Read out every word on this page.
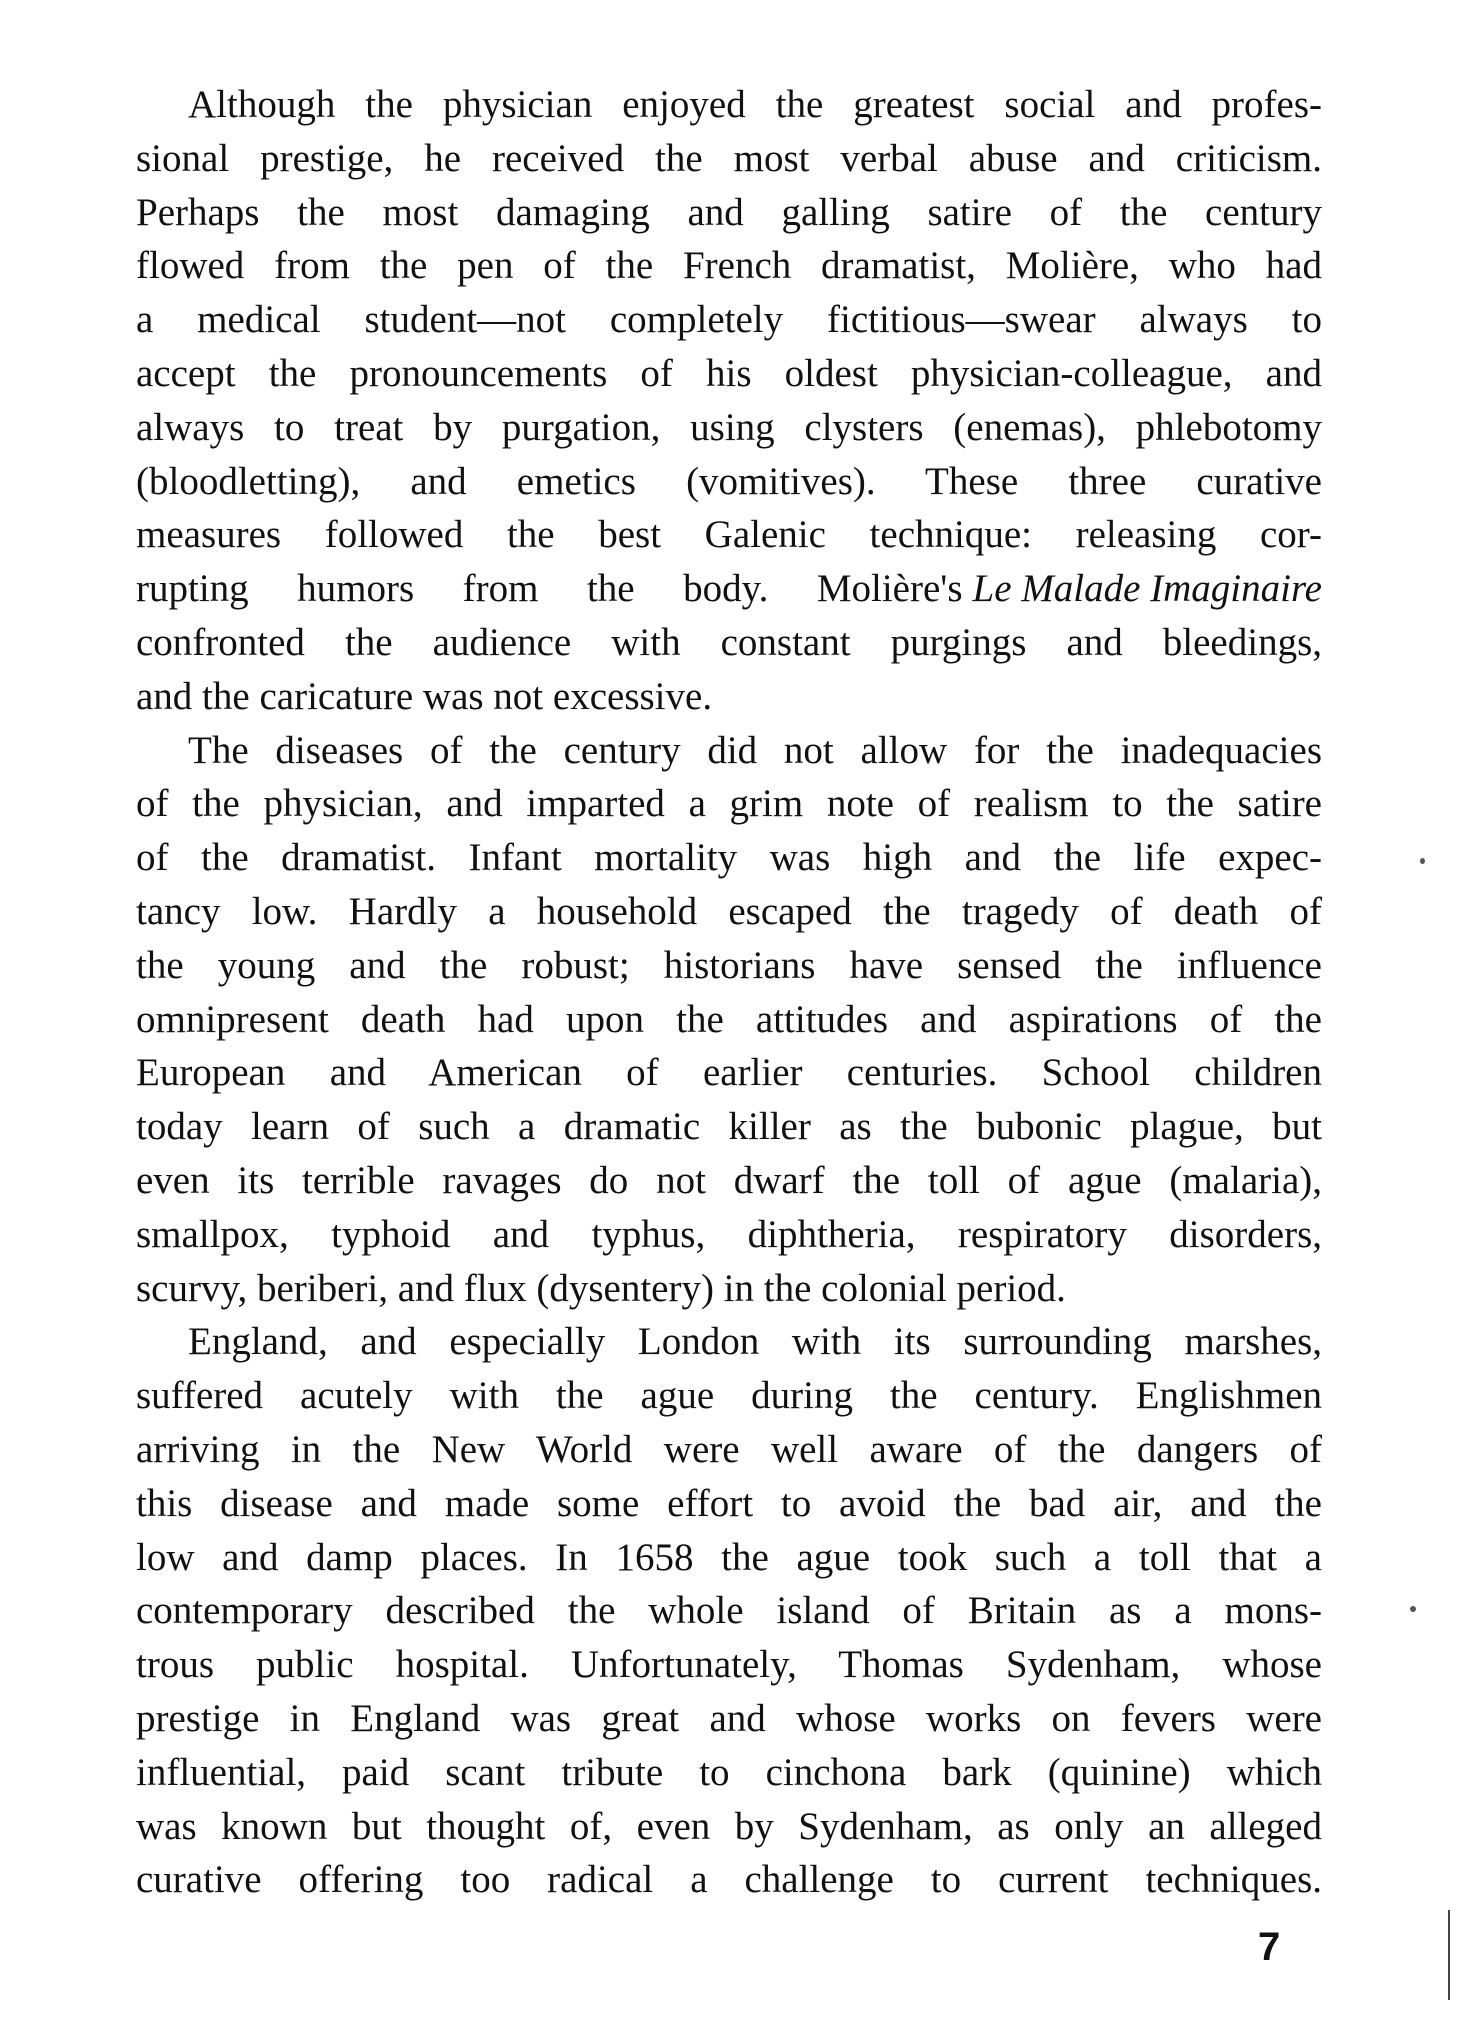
Although the physician enjoyed the greatest social and profes-
sional prestige, he received the most verbal abuse and criticism.
Perhaps the most damaging and galling satire of the century
flowed from the pen of the French dramatist, Molière, who had
a medical student—not completely fictitious—swear always to
accept the pronouncements of his oldest physician-colleague, and
always to treat by purgation, using clysters (enemas), phlebotomy
(bloodletting), and emetics (vomitives). These three curative
measures followed the best Galenic technique: releasing cor-
rupting humors from the body. Molière's Le Malade Imaginaire
confronted the audience with constant purgings and bleedings,
and the caricature was not excessive.
The diseases of the century did not allow for the inadequacies
of the physician, and imparted a grim note of realism to the satire
of the dramatist. Infant mortality was high and the life expec-
tancy low. Hardly a household escaped the tragedy of death of
the young and the robust; historians have sensed the influence
omnipresent death had upon the attitudes and aspirations of the
European and American of earlier centuries. School children
today learn of such a dramatic killer as the bubonic plague, but
even its terrible ravages do not dwarf the toll of ague (malaria),
smallpox, typhoid and typhus, diphtheria, respiratory disorders,
scurvy, beriberi, and flux (dysentery) in the colonial period.
England, and especially London with its surrounding marshes,
suffered acutely with the ague during the century. Englishmen
arriving in the New World were well aware of the dangers of
this disease and made some effort to avoid the bad air, and the
low and damp places. In 1658 the ague took such a toll that a
contemporary described the whole island of Britain as a mons-
trous public hospital. Unfortunately, Thomas Sydenham, whose
prestige in England was great and whose works on fevers were
influential, paid scant tribute to cinchona bark (quinine) which
was known but thought of, even by Sydenham, as only an alleged
curative offering too radical a challenge to current techniques.
7
